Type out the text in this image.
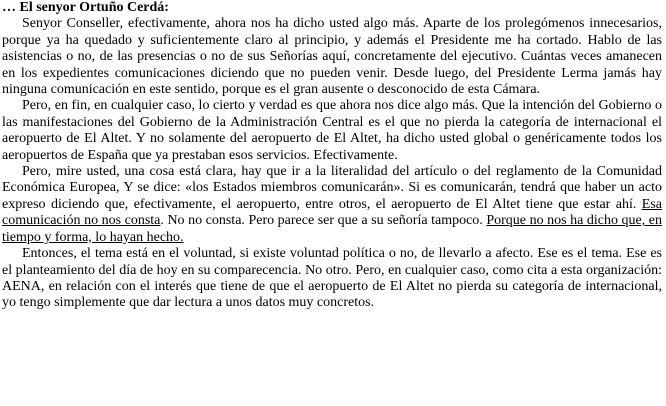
… El senyor Ortuño Cerdá:

Senyor Conseller, efectivamente, ahora nos ha dicho usted algo más. Aparte de los prolegómenos innecesarios, porque ya ha quedado y suficientemente claro al principio, y además el Presidente me ha cortado. Hablo de las asistencias o no, de las presencias o no de sus Señorías aquí, concretamente del ejecutivo. Cuántas veces amanecen en los expedientes comunicaciones diciendo que no pueden venir. Desde luego, del Presidente Lerma jamás hay ninguna comunicación en este sentido, porque es el gran ausente o desconocido de esta Cámara.

Pero, en fin, en cualquier caso, lo cierto y verdad es que ahora nos dice algo más. Que la intención del Gobierno o las manifestaciones del Gobierno de la Administración Central es el que no pierda la categoría de internacional el aeropuerto de El Altet. Y no solamente del aeropuerto de El Altet, ha dicho usted global o genéricamente todos los aeropuertos de España que ya prestaban esos servicios. Efectivamente.

Pero, mire usted, una cosa está clara, hay que ir a la literalidad del artículo o del reglamento de la Comunidad Económica Europea, Y se dice: «los Estados miembros comunicarán». Si es comunicarán, tendrá que haber un acto expreso diciendo que, efectivamente, el aeropuerto, entre otros, el aeropuerto de El Altet tiene que estar ahí. Esa comunicación no nos consta. No no consta. Pero parece ser que a su señoría tampoco. Porque no nos ha dicho que, en tiempo y forma, lo hayan hecho.

Entonces, el tema está en el voluntad, si existe voluntad política o no, de llevarlo a afecto. Ese es el tema. Ese es el planteamiento del día de hoy en su comparecencia. No otro. Pero, en cualquier caso, como cita a esta organización: AENA, en relación con el interés que tiene de que el aeropuerto de El Altet no pierda su categoría de internacional, yo tengo simplemente que dar lectura a unos datos muy concretos.
